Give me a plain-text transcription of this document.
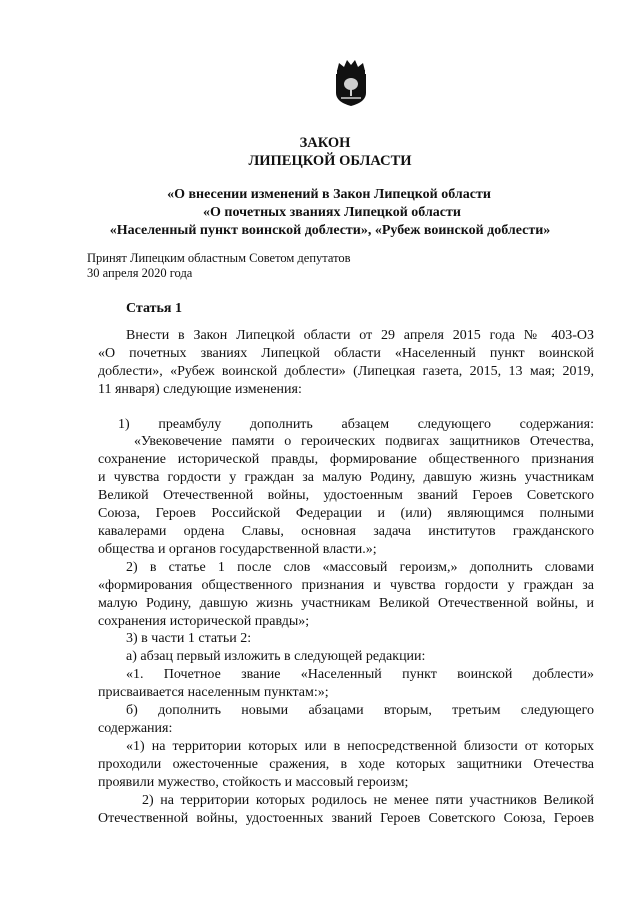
ЗАКОН
ЛИПЕЦКОЙ ОБЛАСТИ
«О внесении изменений в Закон Липецкой области
«О почетных званиях Липецкой области
«Населенный пункт воинской доблести», «Рубеж воинской доблести»
Принят Липецким областным Советом депутатов
30 апреля 2020 года
Статья 1
Внести в Закон Липецкой области от 29 апреля 2015 года № 403-ОЗ
«О почетных званиях Липецкой области «Населенный пункт воинской
доблести», «Рубеж воинской доблести» (Липецкая газета, 2015, 13 мая; 2019,
11 января) следующие изменения:
1) преамбулу дополнить абзацем следующего содержания:
«Увековечение памяти о героических подвигах защитников Отечества,
сохранение исторической правды, формирование общественного признания
и чувства гордости у граждан за малую Родину, давшую жизнь участникам
Великой Отечественной войны, удостоенным званий Героев Советского
Союза, Героев Российской Федерации и (или) являющимся полными
кавалерами ордена Славы, основная задача институтов гражданского
общества и органов государственной власти.»;
2) в статье 1 после слов «массовый героизм,» дополнить словами
«формирования общественного признания и чувства гордости у граждан за
малую Родину, давшую жизнь участникам Великой Отечественной войны, и
сохранения исторической правды»;
3) в части 1 статьи 2:
а) абзац первый изложить в следующей редакции:
«1. Почетное звание «Населенный пункт воинской доблести»
присваивается населенным пунктам:»;
б) дополнить новыми абзацами вторым, третьим следующего
содержания:
«1) на территории которых или в непосредственной близости от которых
проходили ожесточенные сражения, в ходе которых защитники Отечества
проявили мужество, стойкость и массовый героизм;
2) на территории которых родилось не менее пяти участников Великой
Отечественной войны, удостоенных званий Героев Советского Союза, Героев
